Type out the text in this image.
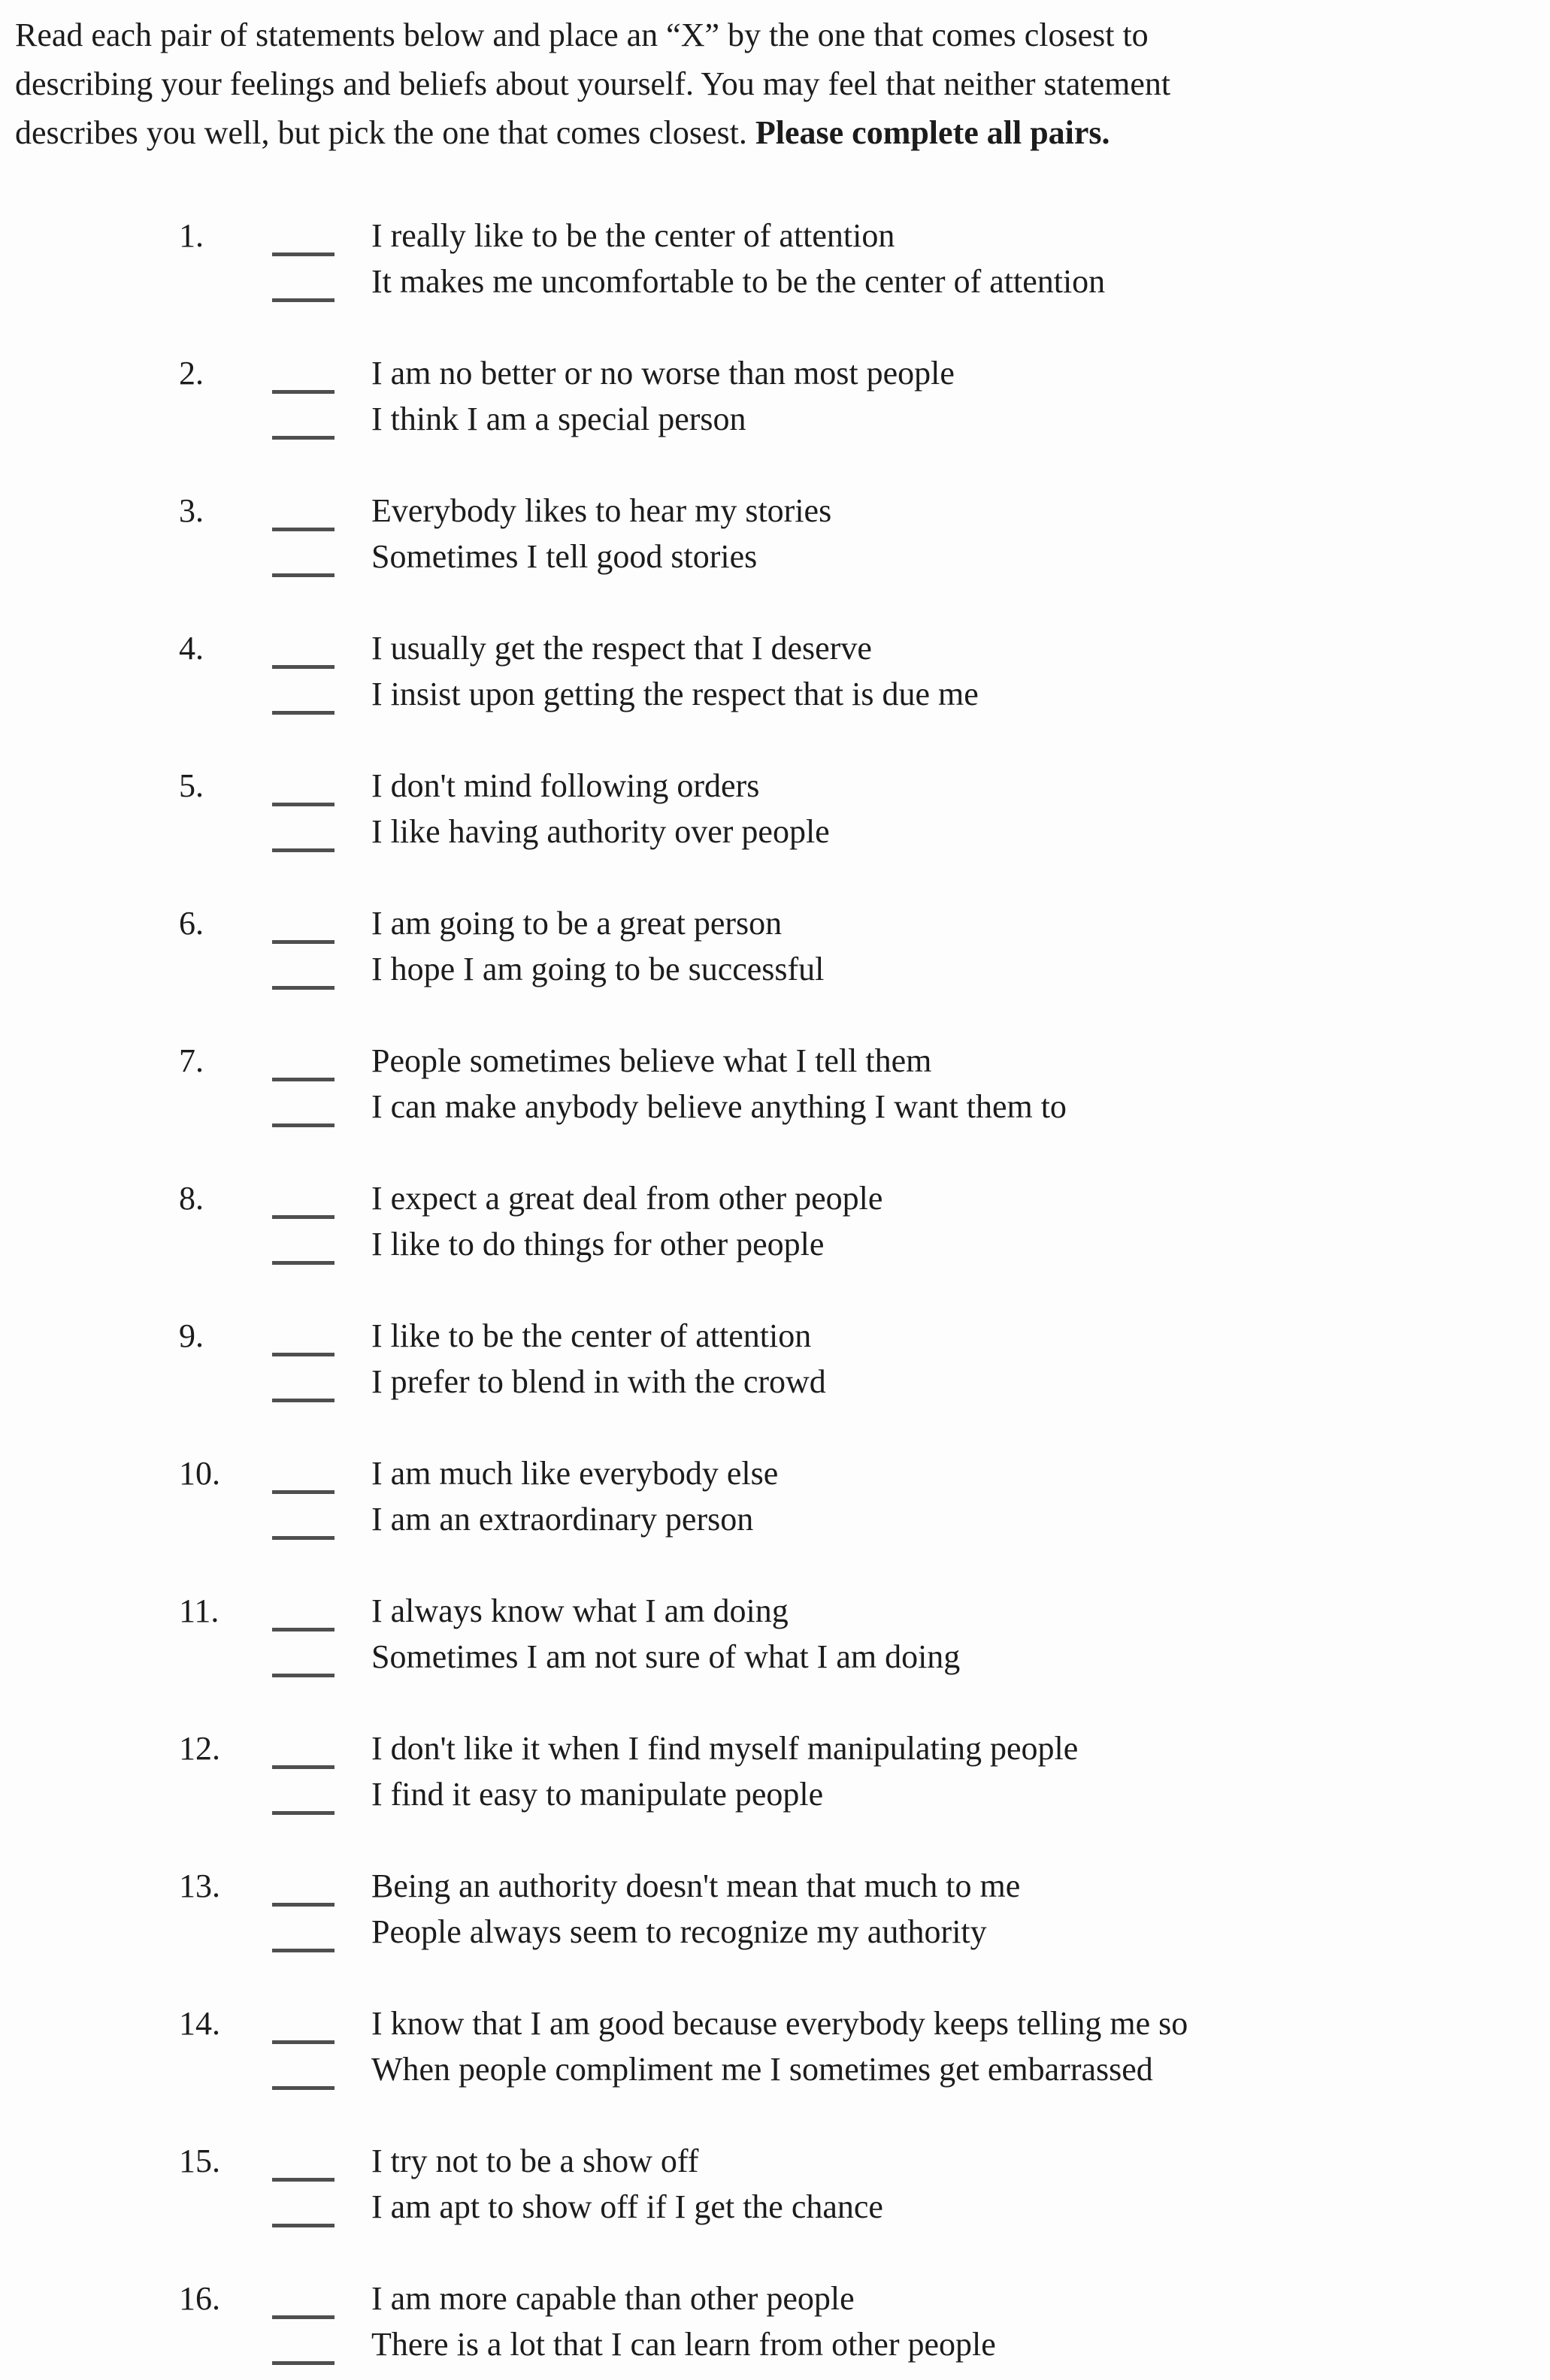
Read each pair of statements below and place an “X” by the one that comes closest to
describing your feelings and beliefs about yourself. You may feel that neither statement
describes you well, but pick the one that comes closest. Please complete all pairs.
1.	I really like to be the center of attention
It makes me uncomfortable to be the center of attention
2.	I am no better or no worse than most people
I think I am a special person
3.	Everybody likes to hear my stories
Sometimes I tell good stories
4.	I usually get the respect that I deserve
I insist upon getting the respect that is due me
5.	I don't mind following orders
I like having authority over people
6.	I am going to be a great person
I hope I am going to be successful
7.	People sometimes believe what I tell them
I can make anybody believe anything I want them to
8.	I expect a great deal from other people
I like to do things for other people
9.	I like to be the center of attention
I prefer to blend in with the crowd
10.	I am much like everybody else
I am an extraordinary person
11.	I always know what I am doing
Sometimes I am not sure of what I am doing
12.	I don't like it when I find myself manipulating people
I find it easy to manipulate people
13.	Being an authority doesn't mean that much to me
People always seem to recognize my authority
14.	I know that I am good because everybody keeps telling me so
When people compliment me I sometimes get embarrassed
15.	I try not to be a show off
I am apt to show off if I get the chance
16.	I am more capable than other people
There is a lot that I can learn from other people
